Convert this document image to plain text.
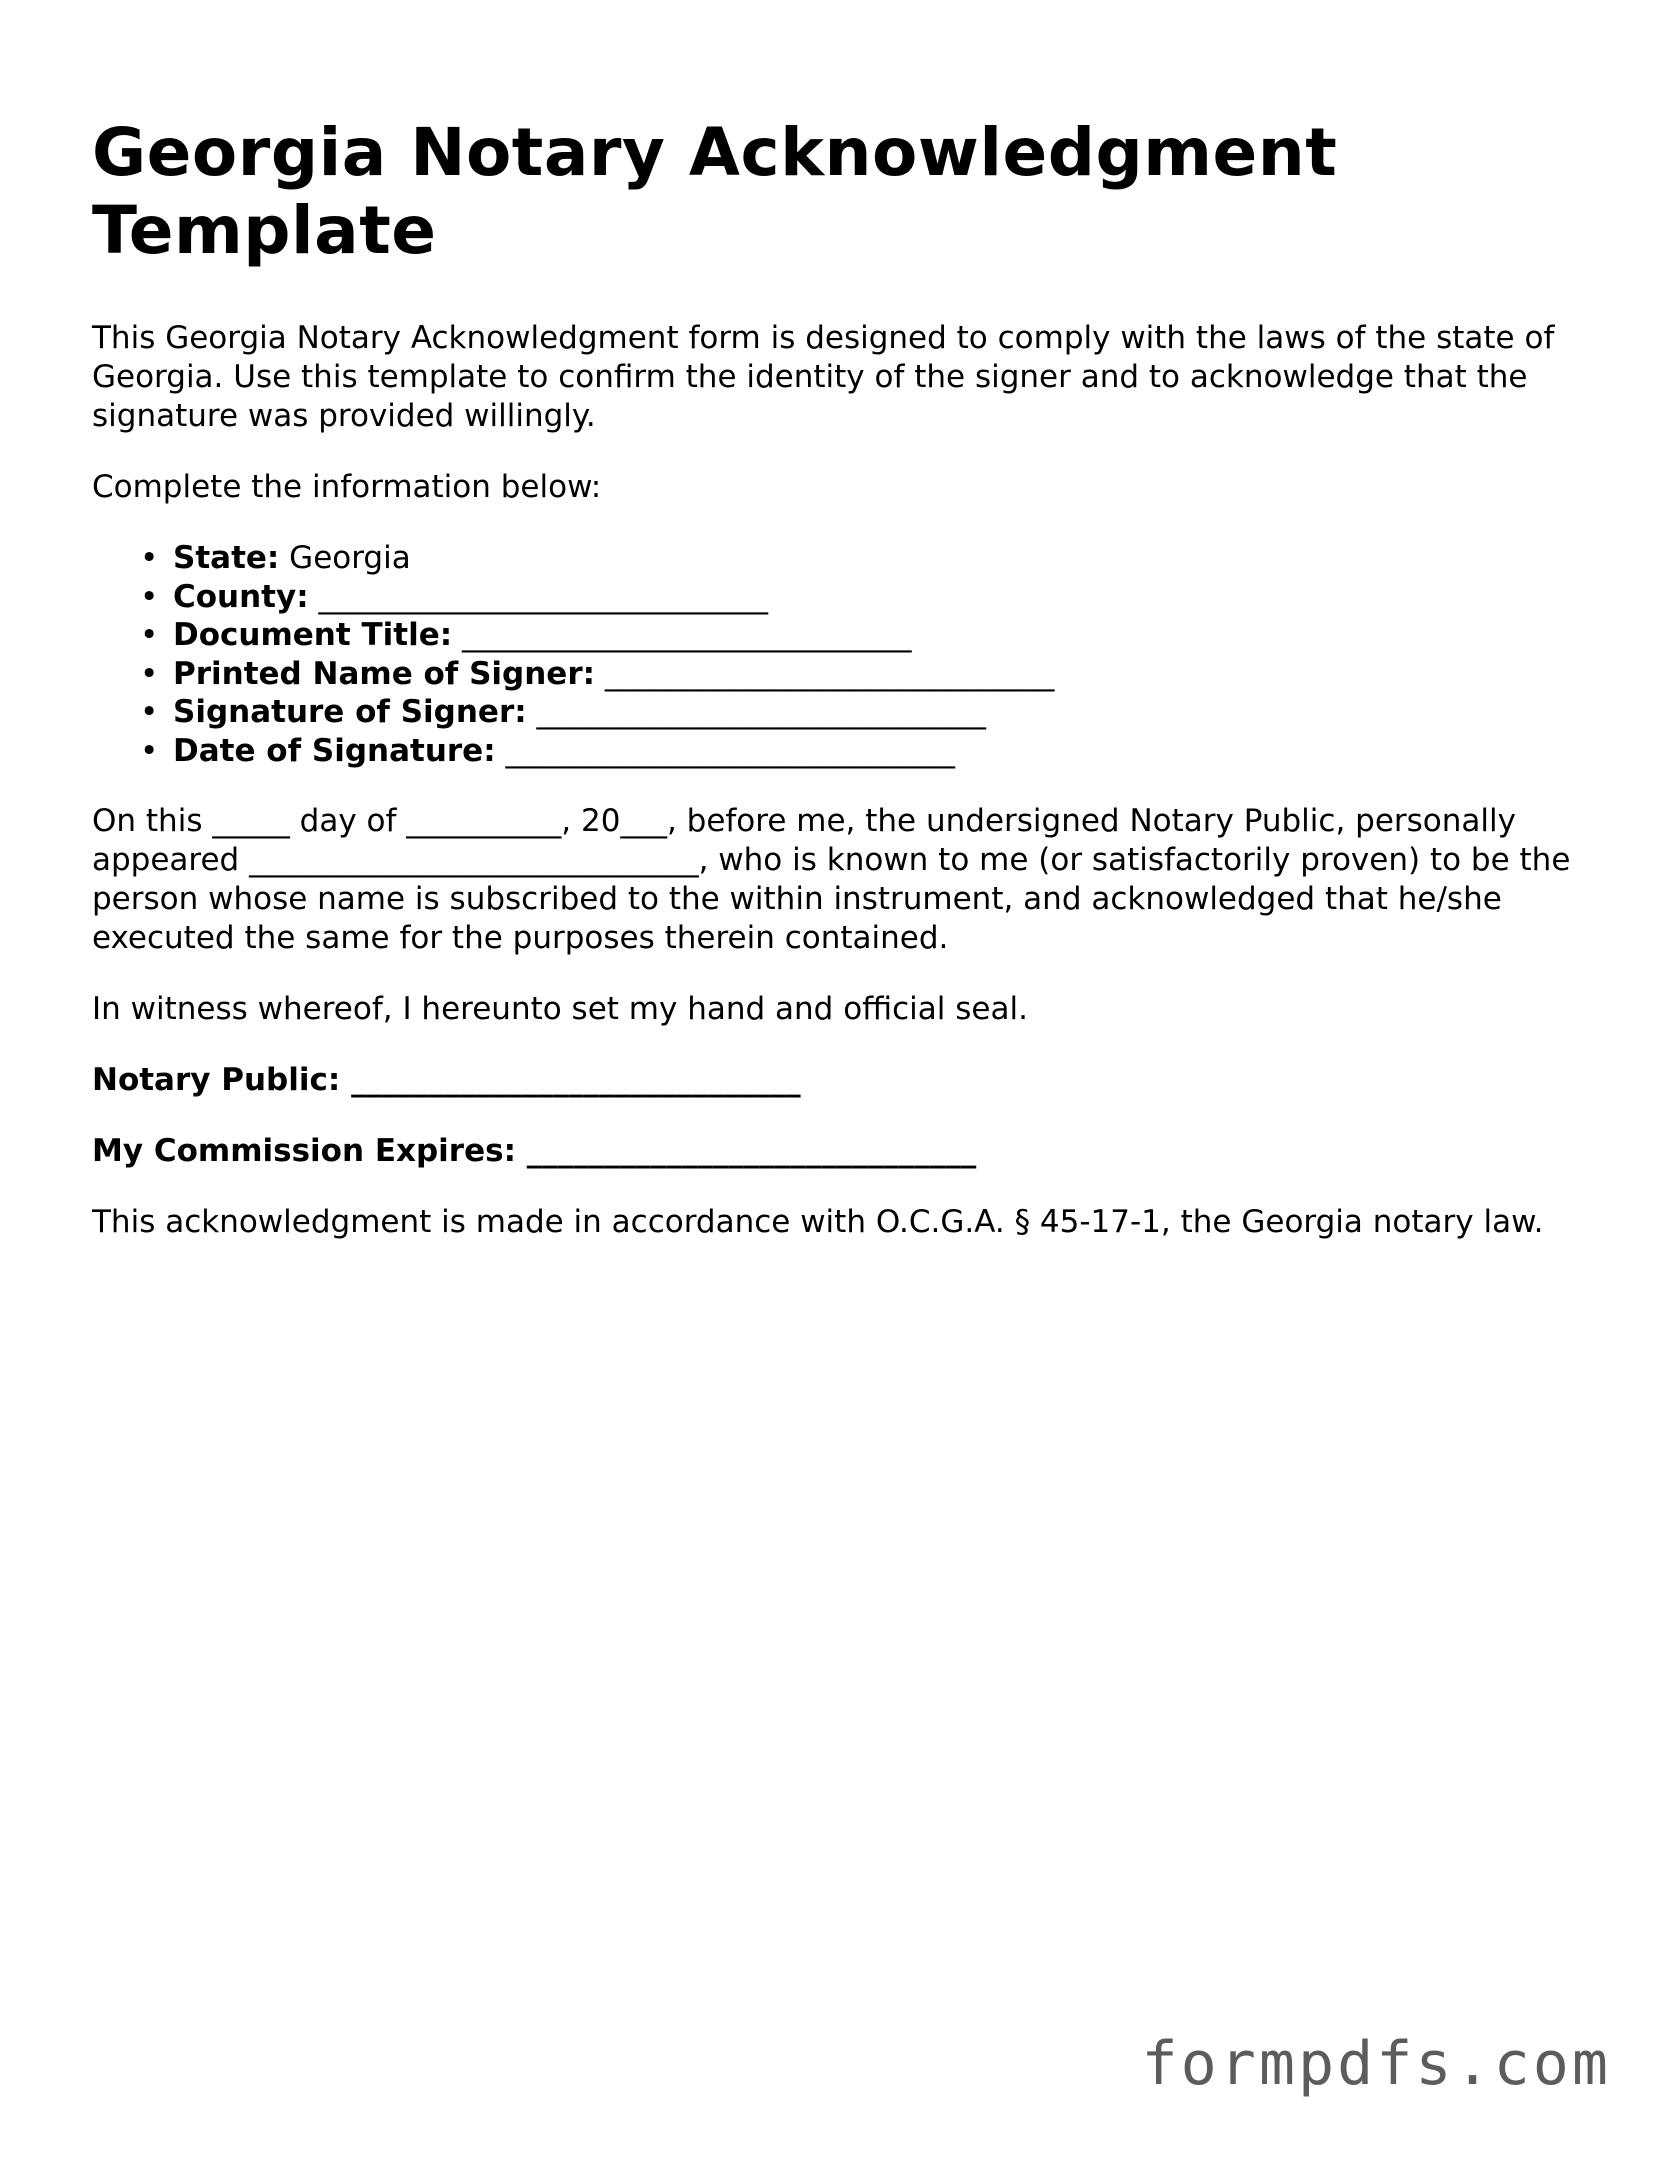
Georgia Notary Acknowledgment Template

This Georgia Notary Acknowledgment form is designed to comply with the laws of the state of Georgia. Use this template to confirm the identity of the signer and to acknowledge that the signature was provided willingly.

Complete the information below:

• State: Georgia
• County: _____________________________
• Document Title: _____________________________
• Printed Name of Signer: _____________________________
• Signature of Signer: _____________________________
• Date of Signature: _____________________________

On this _____ day of __________, 20___, before me, the undersigned Notary Public, personally appeared _____________________________, who is known to me (or satisfactorily proven) to be the person whose name is subscribed to the within instrument, and acknowledged that he/she executed the same for the purposes therein contained.

In witness whereof, I hereunto set my hand and official seal.

Notary Public: _____________________________
My Commission Expires: _____________________________

This acknowledgment is made in accordance with O.C.G.A. § 45-17-1, the Georgia notary law.

formpdfs.com
